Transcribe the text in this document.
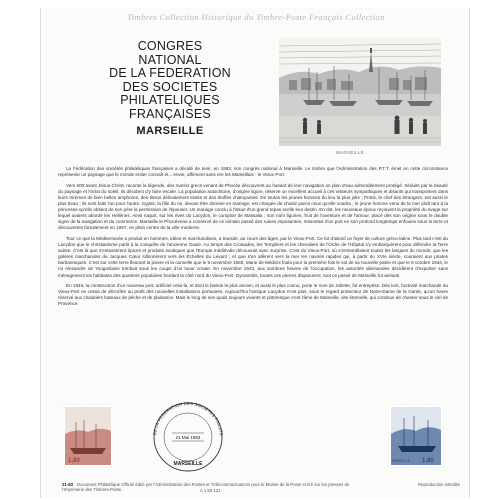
Timbres Collection Historique du Timbre-Poste Français Collection
CONGRES
NATIONAL
DE LA FEDERATION
DES SOCIETES
PHILATELIQUES
FRANÇAISES
MARSEILLE
MARSEILLE

La Fédération des sociétés philatéliques françaises a décidé de tenir, en 1983, son congrès national à Marseille. Le timbre que l'Administration des P.T.T. émet en cette circonstance représente un paysage que le monde entier connaît et... envie, affirment sans rire les Marseillais : le Vieux-Port.

Vers 600 avant Jésus-Christ, raconte la légende, des marins grecs venant de Phocée découvrent au hasard de leur navigation un plan d'eau admirablement protégé. Séduits par la beauté du paysage et l'éclat du soleil, ils décident d'y faire escale. La population autochtone, d'origine ligure, réserve un excellent accueil à ces visiteurs sympathiques et disants qui transportent dans leurs trirèmes de bien belles amphores, des tissus délicatement tissés et des étoffes chatoyantes. De toutes les jeunes femmes du lieu la plus jolie ; Protis, le chef des étrangers, est aussi le plus beau ; ils sont faits l'un pour l'autre. Gyptis, la fille du roi, devant être donnée en mariage, est chargée de choisir parmi ceux qu'elle voudra ; le jeune homme venu de la mer plaît tant à la princesse qu'elle obtient de son père la permission de l'épouser. Un mariage conclu à l'issue d'un grand repas scelle leur destin. En dot, les nouveaux époux reçoivent la propriété du rivage sur lequel avaient abordé les Hellènes. Ainsi naquit, sur les rives du Lacydon, le comptoir de Massalia ; son nom ligurien, fruit de l'aventure et de l'amour, placé dès son origine sous le double signe de la navigation et du commerce. Marseille le Phocéenne a conservé de ce lointain passé des ruines imposantes, ressorties d'un port en son profond longtemps enfouies sous la terre et découvertes fortuitement en 1967, en plein centre de la ville moderne.

Tour ce que la Méditerranée a produit en hommes, idées et marchandises, a transité, au cours des âges, par le Vieux-Port. Ce fut d'abord un foyer de culture gréco-latine. Plus tard c'est du Lacydon que le christianisme partit à la conquête de l'ancienne Gaule. Au temps des Croisades, les Templiers et les chevaliers de l'Ordre de l'Hôpital s'y embarquèrent pour défendre la Terre sainte. C'est là que s'entassèrent épices et produits exotiques que l'Europe médiévale découvrait avec surprise. C'est du Vieux-Port, où s'entremêlaient toutes les langues du monde, que les galères marchandes de Jacques Cœur sillonnèrent vers les Échelles du Levant ; et que s'en allèrent vers la mer les navires rapides qui, à partir du XVIe siècle, couraient aux pirates barbaresques. C'est sur cette terre fleurant la poivre et la cannelle que le 9 novembre 1660, Marie de Médicis foula pour la première fois le sol de sa nouvelle patrie et que le 9 octobre 1934, le roi Alexandre de Yougoslavie tombait sous les coups d'un tueur croate. En novembre 1943, aux sombres heures de l'occupation, les autorités allemandes décidèrent d'expulser sans ménagement les habitants des quartiers populaires bordant la côté nord du Vieux-Port. Dynamités, toutes ces pierres disparurent, tout ce passé de Marseille fut anéanti.

En 1946, la construction d'un nouveau port, artificiel celui-là, et dont le bassin le plus ancien, et aussi le plus connu, porte le nom de Joliette, fut entreprise. Dès lors, l'activité marchande du Vieux-Port ne cessa de décroître au profit des nouvelles installations portuaires. Aujourd'hui l'antique Lacydon n'est plus, sous le regard protecteur de Notre-Dame de la Garde, qu'un havre réservé aux chalutiers bateaux de pêche et de plaisance. Mais le long de ses quais toujours vivants et pittoresque c'est l'âme de Marseille, vite éternelle, qui continue de chanter sous le ciel de Provence.

1,80
DE LA FEDERATION DES SOCIETES PHILATE
21 Mai 1983
MARSEILLE	MARSEILLE 1,80
21-83 Document Philatélique Officiel édité par l'Administration des Postes et Télécommunications pour le Musée de la Poste et tiré sur les presses de
l'Imprimerie des Timbres-Poste.	A 1 83 121
Reproduction interdite
